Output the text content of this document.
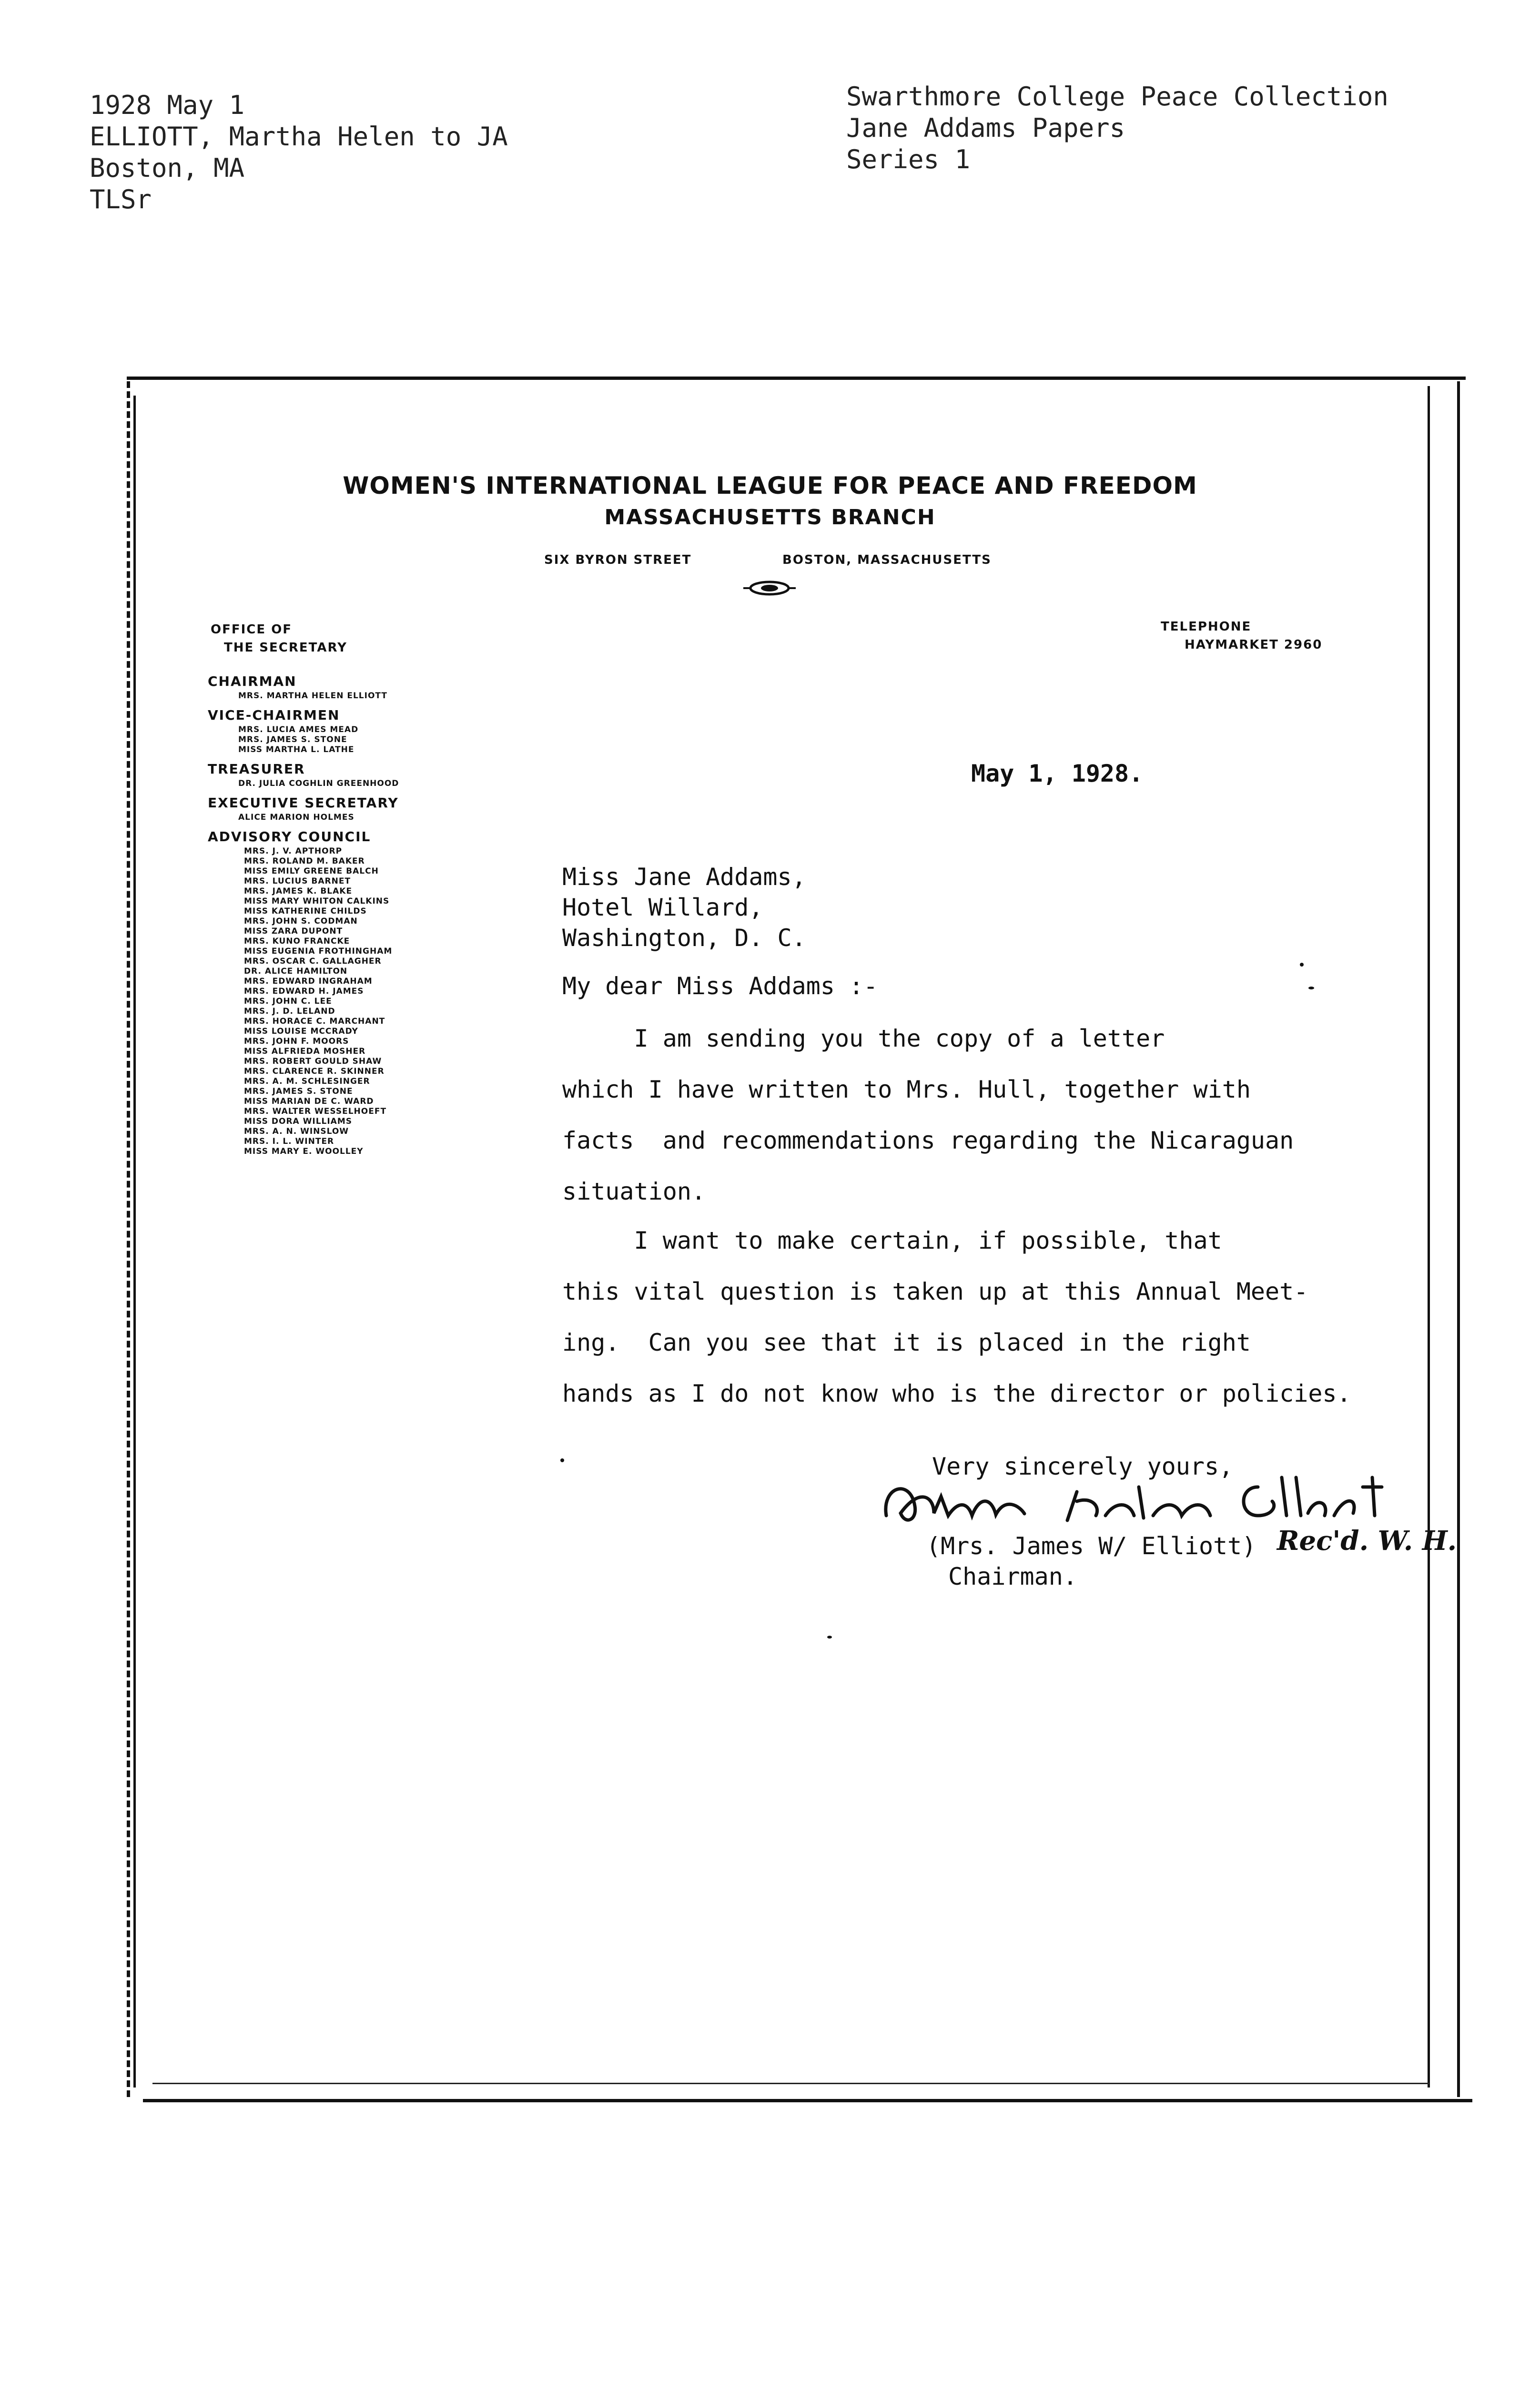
1928 May 1
ELLIOTT, Martha Helen to JA
Boston, MA
TLSr
Swarthmore College Peace Collection
Jane Addams Papers
Series 1
WOMEN'S INTERNATIONAL LEAGUE FOR PEACE AND FREEDOM
MASSACHUSETTS BRANCH
SIX BYRON STREET	BOSTON, MASSACHUSETTS
OFFICE OF
THE SECRETARY
TELEPHONE
HAYMARKET 2960
CHAIRMAN
MRS. MARTHA HELEN ELLIOTT
VICE-CHAIRMEN
MRS. LUCIA AMES MEAD
MRS. JAMES S. STONE
MISS MARTHA L. LATHE
TREASURER
DR. JULIA COGHLIN GREENHOOD
EXECUTIVE SECRETARY
ALICE MARION HOLMES
ADVISORY COUNCIL
MRS. J. V. APTHORP
MRS. ROLAND M. BAKER
MISS EMILY GREENE BALCH
MRS. LUCIUS BARNET
MRS. JAMES K. BLAKE
MISS MARY WHITON CALKINS
MISS KATHERINE CHILDS
MRS. JOHN S. CODMAN
MISS ZARA DUPONT
MRS. KUNO FRANCKE
MISS EUGENIA FROTHINGHAM
MRS. OSCAR C. GALLAGHER
DR. ALICE HAMILTON
MRS. EDWARD INGRAHAM
MRS. EDWARD H. JAMES
MRS. JOHN C. LEE
MRS. J. D. LELAND
MRS. HORACE C. MARCHANT
MISS LOUISE MCCRADY
MRS. JOHN F. MOORS
MISS ALFRIEDA MOSHER
MRS. ROBERT GOULD SHAW
MRS. CLARENCE R. SKINNER
MRS. A. M. SCHLESINGER
MRS. JAMES S. STONE
MISS MARIAN DE C. WARD
MRS. WALTER WESSELHOEFT
MISS DORA WILLIAMS
MRS. A. N. WINSLOW
MRS. I. L. WINTER
MISS MARY E. WOOLLEY
May 1, 1928.
Miss Jane Addams,
Hotel Willard,
Washington, D. C.
My dear Miss Addams :-
I am sending you the copy of a letter
which I have written to Mrs. Hull, together with
facts  and recommendations regarding the Nicaraguan
situation.
I want to make certain, if possible, that
this vital question is taken up at this Annual Meet-
ing.  Can you see that it is placed in the right
hands as I do not know who is the director or policies.
Very sincerely yours,
Rec'd. W. H.
(Mrs. James W/ Elliott)
Chairman.
